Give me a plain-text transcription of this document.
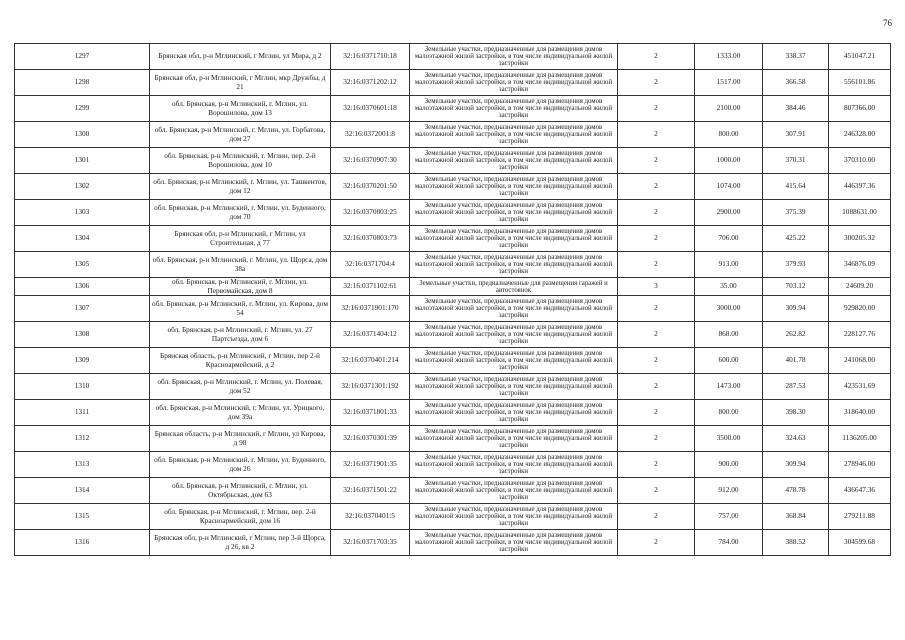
76
1297	Брянская обл, р-н Мглинский, г Мглин, ул Мира, д 2	32:16:0371710:18	Земельные участки, предназначенные для размещения домов малоэтажной жилой застройки, в том числе индивидуальной жилой застройки	2	1333.00	338.37	451047.21
1298	Брянская обл, р-н Мглинский, г Мглин, мкр Дружбы, д 21	32:16:0371202:12	Земельные участки, предназначенные для размещения домов малоэтажной жилой застройки, в том числе индивидуальной жилой застройки	2	1517.00	366.58	556101.86
1299	обл. Брянская, р-н Мглинский, г. Мглин, ул. Ворошилова, дом 13	32:16:0370601:18	Земельные участки, предназначенные для размещения домов малоэтажной жилой застройки, в том числе индивидуальной жилой застройки	2	2100.00	384.46	807366.00
1300	обл. Брянская, р-н Мглинский, г. Мглин, ул. Горбатова, дом 27	32:16:0372001:8	Земельные участки, предназначенные для размещения домов малоэтажной жилой застройки, в том числе индивидуальной жилой застройки	2	800.00	307.91	246328.00
1301	обл. Брянская, р-н Мглинский, г. Мглин, пер. 2-й Ворошилова, дом 10	32:16:0370907:30	Земельные участки, предназначенные для размещения домов малоэтажной жилой застройки, в том числе индивидуальной жилой застройки	2	1000.00	370.31	370310.00
1302	обл. Брянская, р-н Мглинский, г. Мглин, ул. Ташкентов, дом 12	32:16:0370201:50	Земельные участки, предназначенные для размещения домов малоэтажной жилой застройки, в том числе индивидуальной жилой застройки	2	1074.00	415.64	446397.36
1303	обл. Брянская, р-н Мглинский, г. Мглин, ул. Буденного, дом 70	32:16:0370803:25	Земельные участки, предназначенные для размещения домов малоэтажной жилой застройки, в том числе индивидуальной жилой застройки	2	2900.00	375.39	1088631.00
1304	Брянская обл, р-н Мглинский, г Мглин, ул Строительная, д 77	32:16:0370803:73	Земельные участки, предназначенные для размещения домов малоэтажной жилой застройки, в том числе индивидуальной жилой застройки	2	706.00	425.22	300205.32
1305	обл. Брянская, р-н Мглинский, г. Мглин, ул. Щорса, дом 38а	32:16:0371704:4	Земельные участки, предназначенные для размещения домов малоэтажной жилой застройки, в том числе индивидуальной жилой застройки	2	913.00	379.93	346876.09
1306	обл. Брянская, р-н Мглинский, г. Мглин, ул. Первомайская, дом 8	32:16:0371102:61	Земельные участки, предназначенные для размещения гаражей и автостоянок	3	35.00	703.12	24609.20
1307	обл. Брянская, р-н Мглинский, г. Мглин, ул. Кирова, дом 54	32:16:0371901:170	Земельные участки, предназначенные для размещения домов малоэтажной жилой застройки, в том числе индивидуальной жилой застройки	2	3000.00	309.94	929820.00
1308	обл. Брянская, р-н Мглинский, г. Мглин, ул. 27 Партсъезда, дом 6	32:16:0371404:12	Земельные участки, предназначенные для размещения домов малоэтажной жилой застройки, в том числе индивидуальной жилой застройки	2	868.00	262.82	228127.76
1309	Брянская область, р-н Мглинский, г Мглин, пер 2-й Красноармейский, д 2	32:16:0370401:214	Земельные участки, предназначенные для размещения домов малоэтажной жилой застройки, в том числе индивидуальной жилой застройки	2	600.00	401.78	241068.00
1310	обл. Брянская, р-н Мглинский, г. Мглин, ул. Полевая, дом 52	32:16:0371301:192	Земельные участки, предназначенные для размещения домов малоэтажной жилой застройки, в том числе индивидуальной жилой застройки	2	1473.00	287.53	423531.69
1311	обл. Брянская, р-н Мглинский, г. Мглин, ул. Урицкого, дом 39а	32:16:0371801:33	Земельные участки, предназначенные для размещения домов малоэтажной жилой застройки, в том числе индивидуальной жилой застройки	2	800.00	398.30	318640.00
1312	Брянская область, р-н Мглинский, г Мглин, ул Кирова, д 98	32:16:0370301:39	Земельные участки, предназначенные для размещения домов малоэтажной жилой застройки, в том числе индивидуальной жилой застройки	2	3500.00	324.63	1136205.00
1313	обл. Брянская, р-н Мглинский, г. Мглин, ул. Буденного, дом 26	32:16:0371901:35	Земельные участки, предназначенные для размещения домов малоэтажной жилой застройки, в том числе индивидуальной жилой застройки	2	900.00	309.94	278946.00
1314	обл. Брянская, р-н Мглинский, г. Мглин, ул. Октябрьская, дом 63	32:16:0371501:22	Земельные участки, предназначенные для размещения домов малоэтажной жилой застройки, в том числе индивидуальной жилой застройки	2	912.00	478.78	436647.36
1315	обл. Брянская, р-н Мглинский, г. Мглин, пер. 2-й Красноармейский, дом 16	32:16:0370401:5	Земельные участки, предназначенные для размещения домов малоэтажной жилой застройки, в том числе индивидуальной жилой застройки	2	757.00	368.84	279211.88
1316	Брянская обл, р-н Мглинский, г Мглин, пер 3-й Щорса, д 26, кв 2	32:16:0371703:35	Земельные участки, предназначенные для размещения домов малоэтажной жилой застройки, в том числе индивидуальной жилой застройки	2	784.00	388.52	304599.68
